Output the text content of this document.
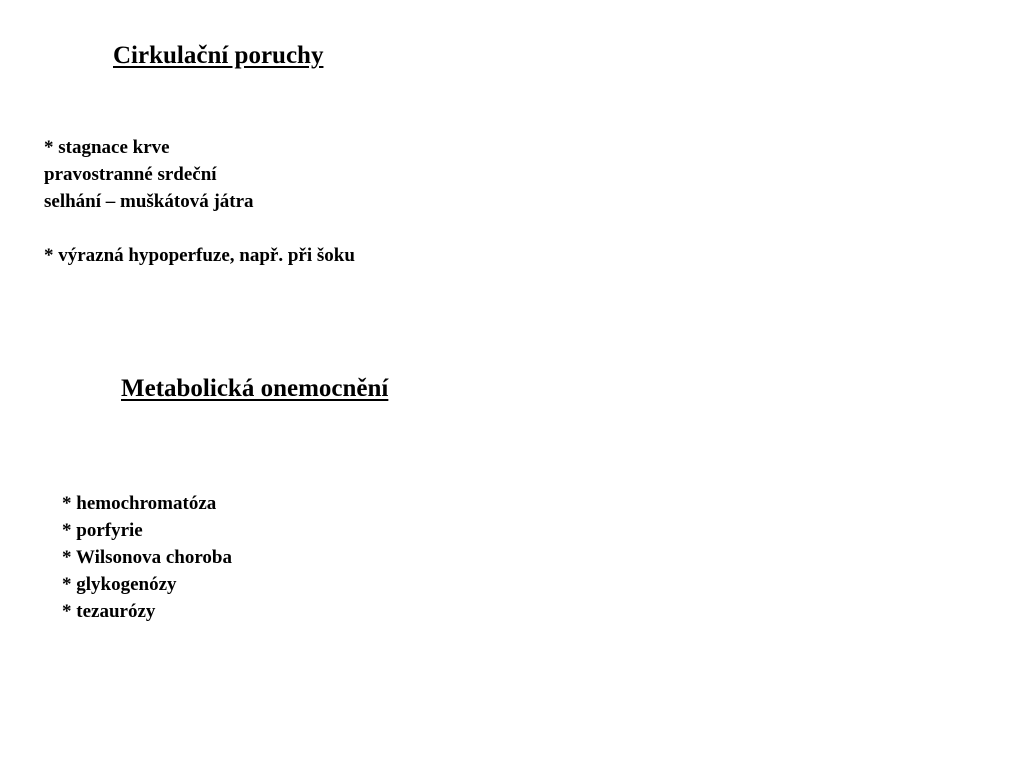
Cirkulační poruchy
* stagnace krve
pravostranné srdeční
selhání – muškátová játra
* výrazná hypoperfuze, např. při šoku
Metabolická onemocnění
* hemochromatóza
* porfyrie
* Wilsonova choroba
* glykogenózy
* tezaurózy
